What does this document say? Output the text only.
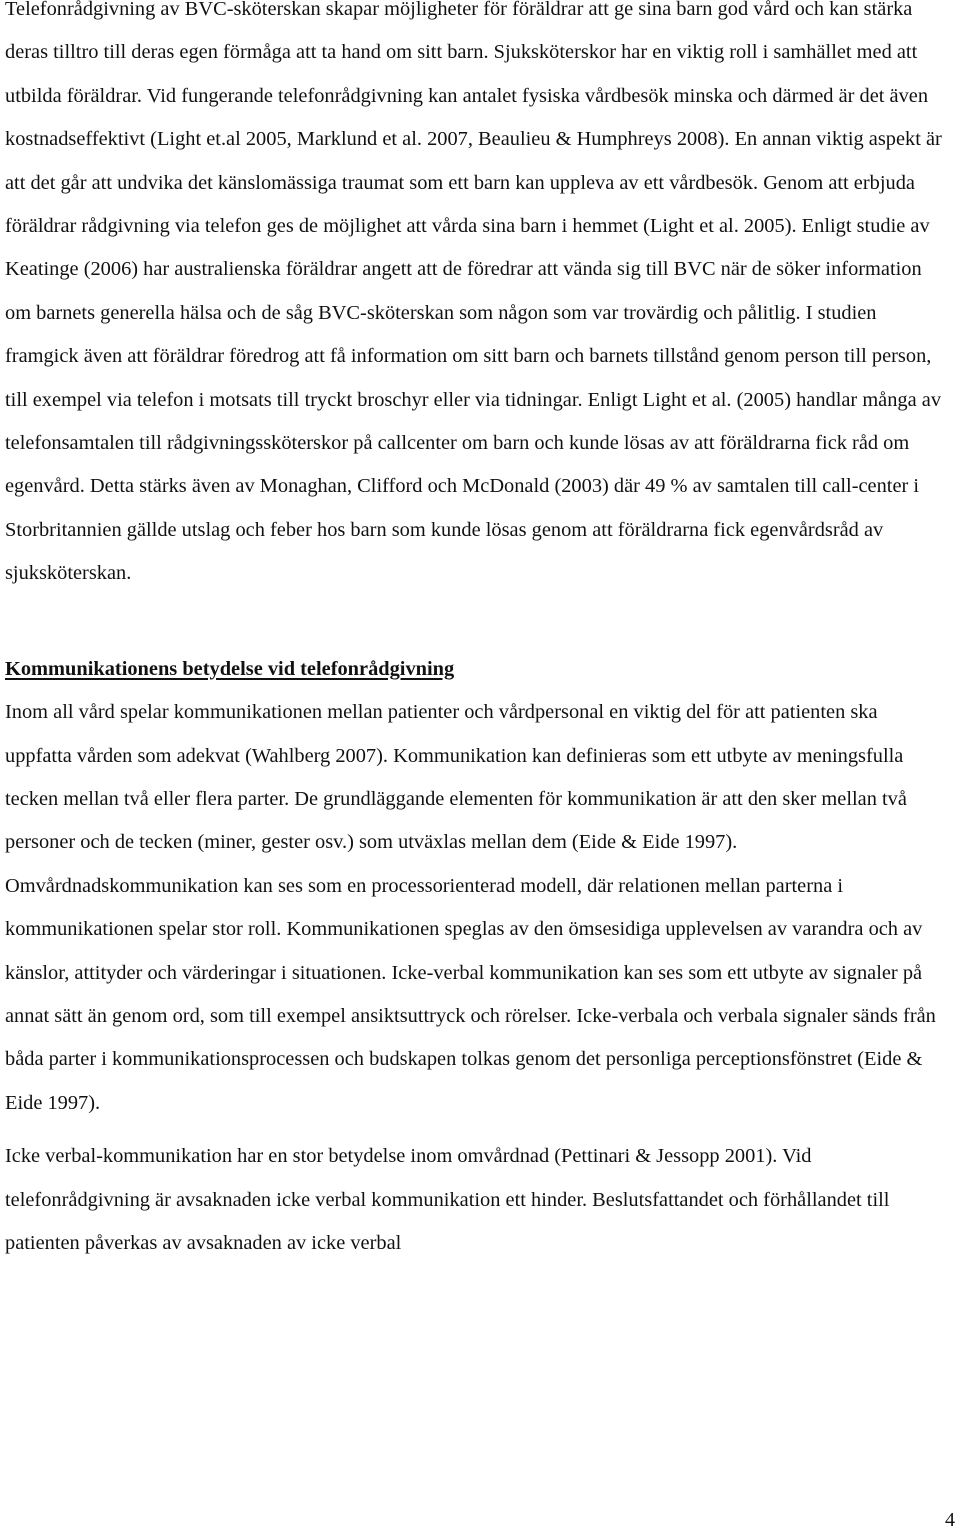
Telefonrådgivning av BVC-sköterskan skapar möjligheter för föräldrar att ge sina barn god vård och kan stärka deras tilltro till deras egen förmåga att ta hand om sitt barn. Sjuksköterskor har en viktig roll i samhället med att utbilda föräldrar. Vid fungerande telefonrådgivning kan antalet fysiska vårdbesök minska och därmed är det även kostnadseffektivt (Light et.al 2005, Marklund et al. 2007, Beaulieu & Humphreys 2008). En annan viktig aspekt är att det går att undvika det känslomässiga traumat som ett barn kan uppleva av ett vårdbesök. Genom att erbjuda föräldrar rådgivning via telefon ges de möjlighet att vårda sina barn i hemmet (Light et al. 2005). Enligt studie av Keatinge (2006) har australienska föräldrar angett att de föredrar att vända sig till BVC när de söker information om barnets generella hälsa och de såg BVC-sköterskan som någon som var trovärdig och pålitlig. I studien framgick även att föräldrar föredrog att få information om sitt barn och barnets tillstånd genom person till person, till exempel via telefon i motsats till tryckt broschyr eller via tidningar. Enligt Light et al. (2005) handlar många av telefonsamtalen till rådgivningssköterskor på callcenter om barn och kunde lösas av att föräldrarna fick råd om egenvård. Detta stärks även av Monaghan, Clifford och McDonald (2003) där 49 % av samtalen till call-center i Storbritannien gällde utslag och feber hos barn som kunde lösas genom att föräldrarna fick egenvårdsråd av sjuksköterskan.

Kommunikationens betydelse vid telefonrådgivning

Inom all vård spelar kommunikationen mellan patienter och vårdpersonal en viktig del för att patienten ska uppfatta vården som adekvat (Wahlberg 2007). Kommunikation kan definieras som ett utbyte av meningsfulla tecken mellan två eller flera parter. De grundläggande elementen för kommunikation är att den sker mellan två personer och de tecken (miner, gester osv.) som utväxlas mellan dem (Eide & Eide 1997). Omvårdnadskommunikation kan ses som en processorienterad modell, där relationen mellan parterna i kommunikationen spelar stor roll. Kommunikationen speglas av den ömsesidiga upplevelsen av varandra och av känslor, attityder och värderingar i situationen. Icke-verbal kommunikation kan ses som ett utbyte av signaler på annat sätt än genom ord, som till exempel ansiktsuttryck och rörelser. Icke-verbala och verbala signaler sänds från båda parter i kommunikationsprocessen och budskapen tolkas genom det personliga perceptionsfönstret (Eide & Eide 1997).

Icke verbal-kommunikation har en stor betydelse inom omvårdnad (Pettinari & Jessopp 2001). Vid telefonrådgivning är avsaknaden icke verbal kommunikation ett hinder. Beslutsfattandet och förhållandet till patienten påverkas av avsaknaden av icke verbal

4
